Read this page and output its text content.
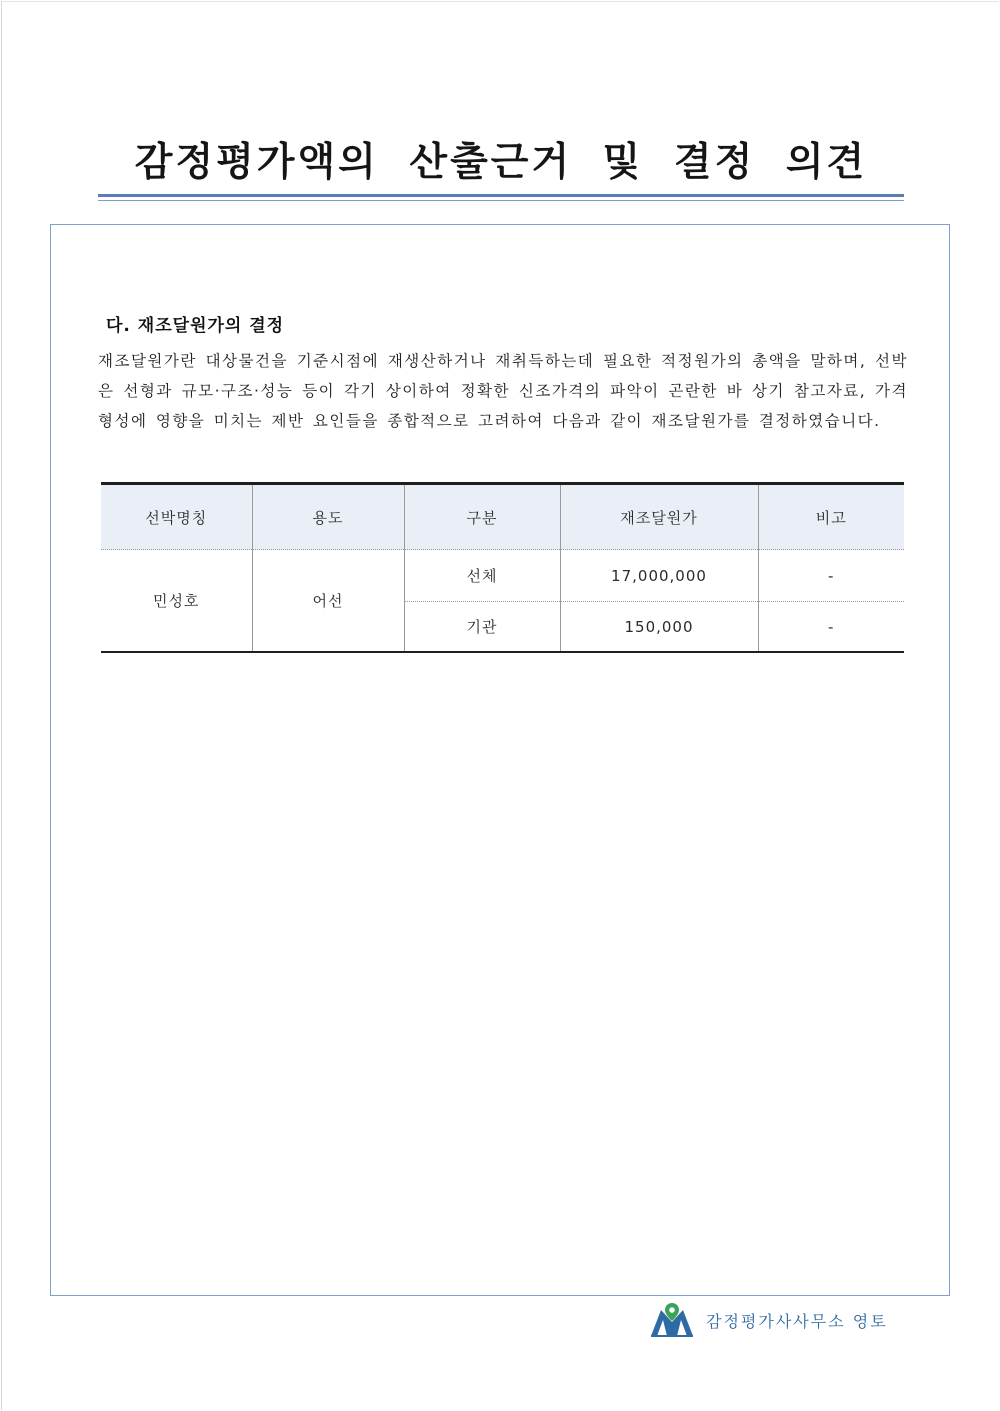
감정평가액의 산출근거 및 결정 의견
다. 재조달원가의 결정

재조달원가란 대상물건을 기준시점에 재생산하거나 재취득하는데 필요한 적정원가의 총액을 말하며, 선박은 선형과 규모·구조·성능 등이 각기 상이하여 정확한 신조가격의 파악이 곤란한 바 상기 참고자료, 가격 형성에 영향을 미치는 제반 요인들을 종합적으로 고려하여 다음과 같이 재조달원가를 결정하였습니다.

선박명칭	용도	구분	재조달원가	비고
민성호	어선	선체	17,000,000	-
		기관	150,000	-
감정평가사사무소 영토
